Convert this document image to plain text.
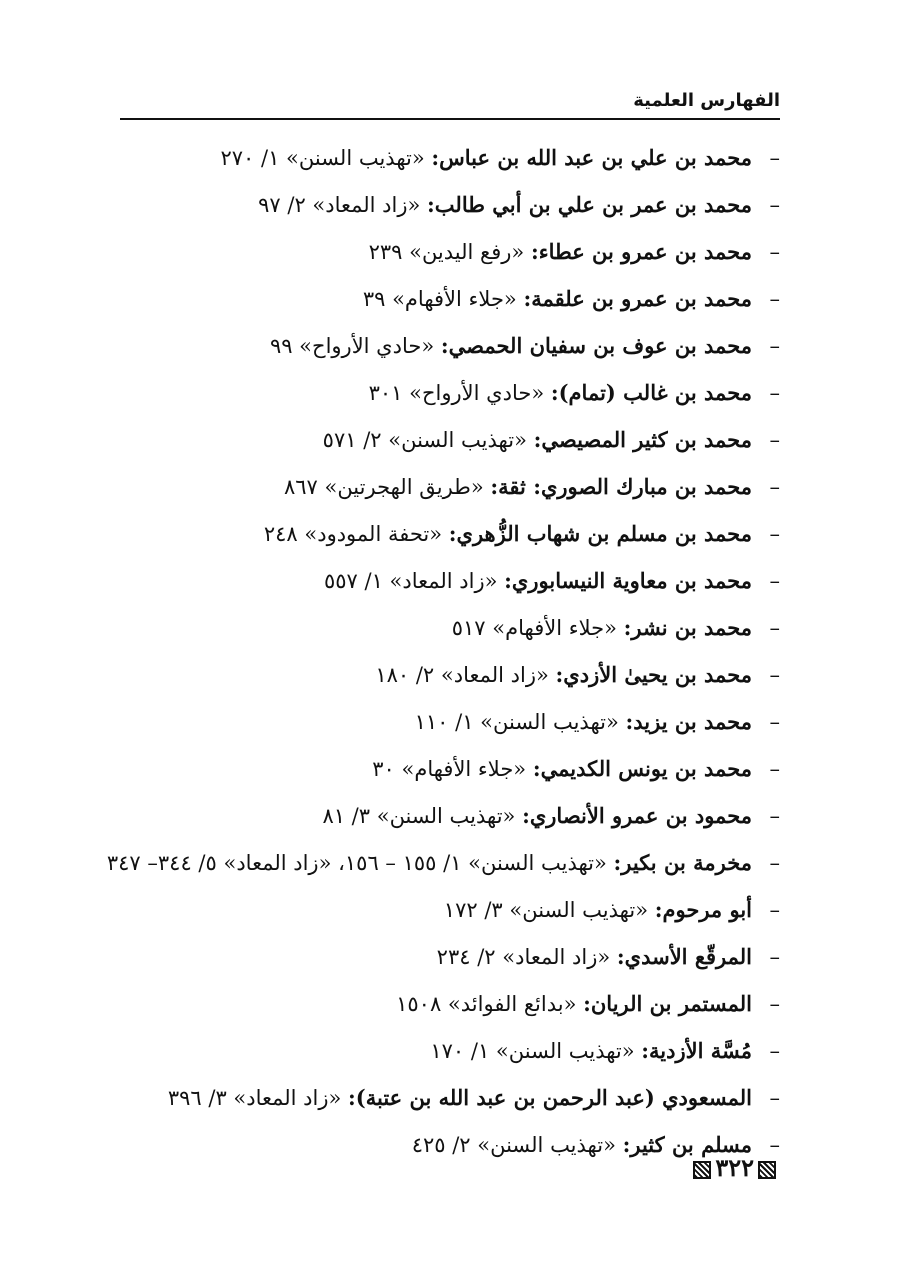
الفهارس العلمية
–محمد بن علي بن عبد الله بن عباس: «تهذيب السنن» ١/ ٢٧٠
–محمد بن عمر بن علي بن أبي طالب: «زاد المعاد» ٢/ ٩٧
–محمد بن عمرو بن عطاء: «رفع اليدين» ٢٣٩
–محمد بن عمرو بن علقمة: «جلاء الأفهام» ٣٩
–محمد بن عوف بن سفيان الحمصي: «حادي الأرواح» ٩٩
–محمد بن غالب (تمام): «حادي الأرواح» ٣٠١
–محمد بن كثير المصيصي: «تهذيب السنن» ٢/ ٥٧١
–محمد بن مبارك الصوري: ثقة: «طريق الهجرتين» ٨٦٧
–محمد بن مسلم بن شهاب الزُّهري: «تحفة المودود» ٢٤٨
–محمد بن معاوية النيسابوري: «زاد المعاد» ١/ ٥٥٧
–محمد بن نشر: «جلاء الأفهام» ٥١٧
–محمد بن يحيىٰ الأزدي: «زاد المعاد» ٢/ ١٨٠
–محمد بن يزيد: «تهذيب السنن» ١/ ١١٠
–محمد بن يونس الكديمي: «جلاء الأفهام» ٣٠
–محمود بن عمرو الأنصاري: «تهذيب السنن» ٣/ ٨١
–مخرمة بن بكير: «تهذيب السنن» ١/ ١٥٥ – ١٥٦، «زاد المعاد» ٥/ ٣٤٤– ٣٤٧
–أبو مرحوم: «تهذيب السنن» ٣/ ١٧٢
–المرقّع الأسدي: «زاد المعاد» ٢/ ٢٣٤
–المستمر بن الريان: «بدائع الفوائد» ١٥٠٨
–مُسَّة الأزدية: «تهذيب السنن» ١/ ١٧٠
–المسعودي (عبد الرحمن بن عبد الله بن عتبة): «زاد المعاد» ٣/ ٣٩٦
–مسلم بن كثير: «تهذيب السنن» ٢/ ٤٢٥
٣٢٢
